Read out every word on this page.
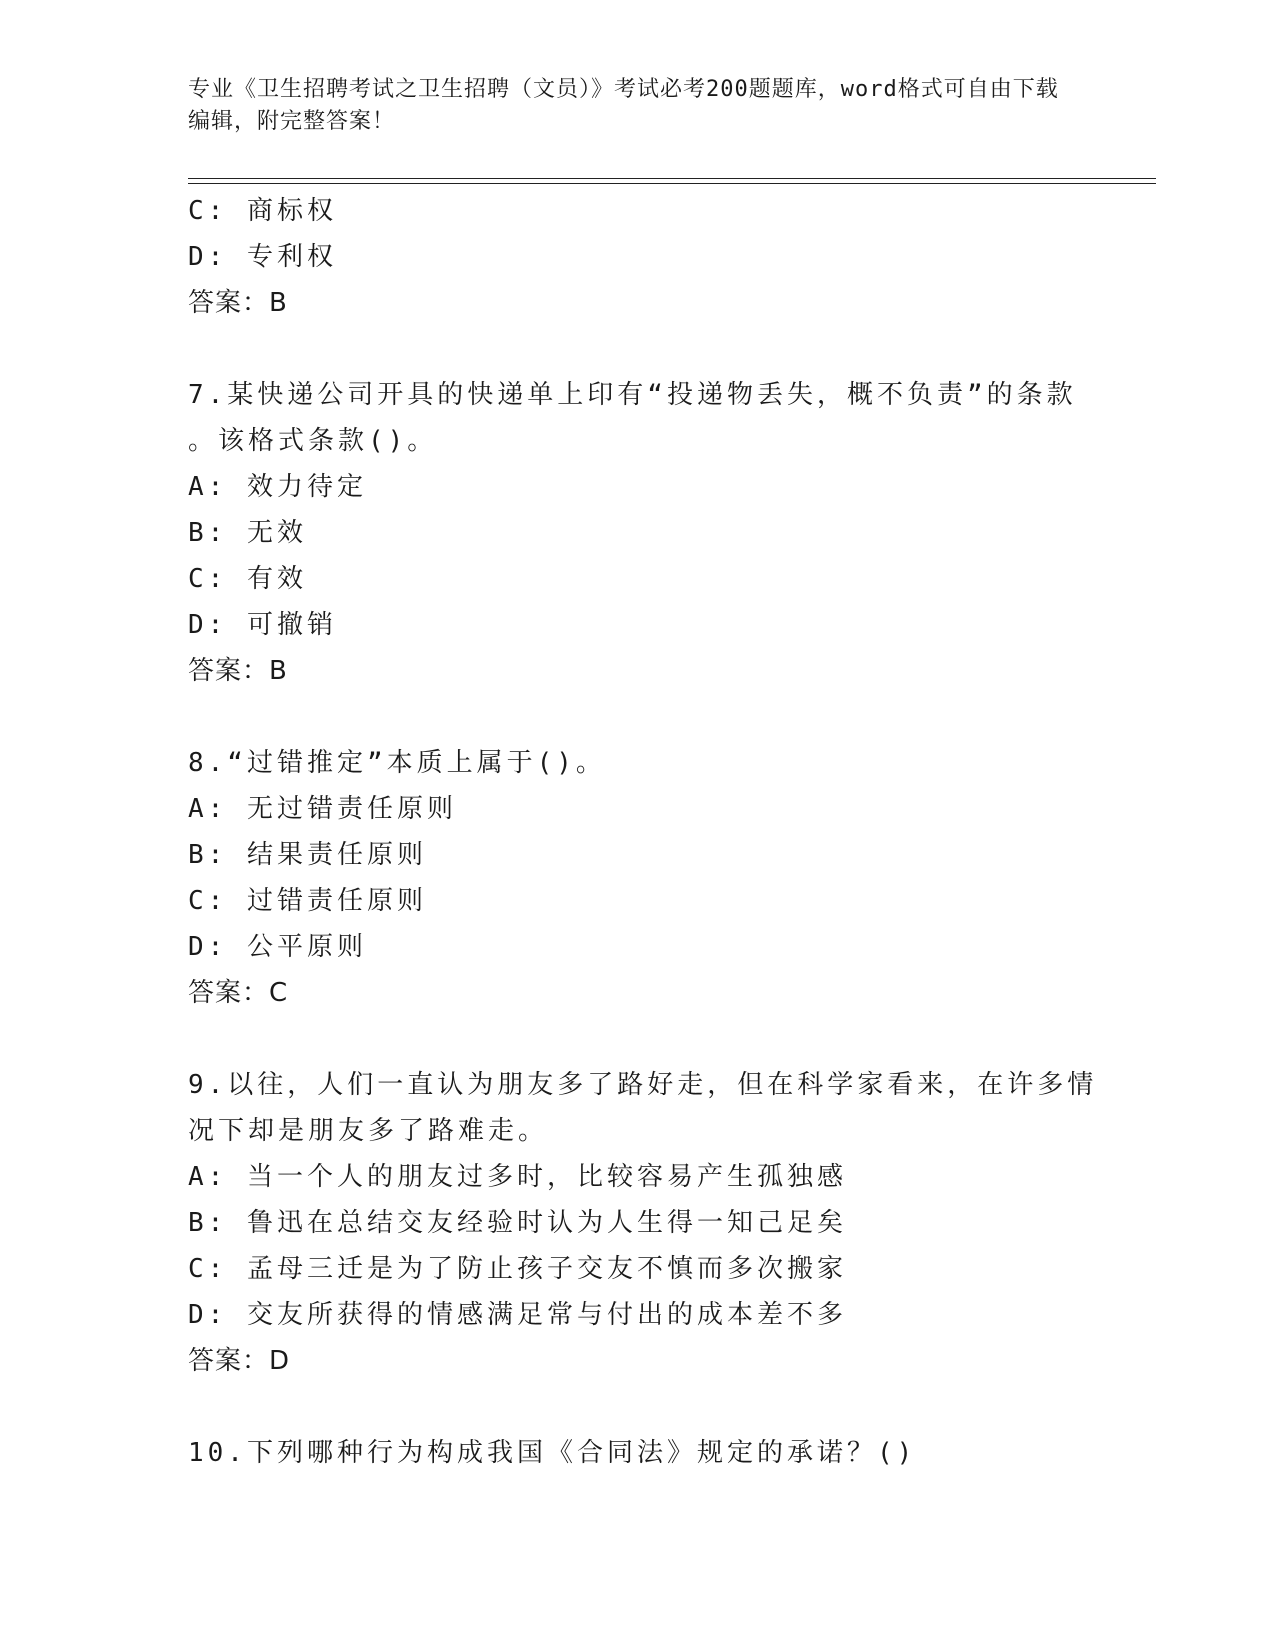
专业《卫生招聘考试之卫生招聘（文员）》考试必考200题题库，word格式可自由下载编辑，附完整答案！
C: 商标权
D: 专利权
答案：B
7.某快递公司开具的快递单上印有“投递物丢失，概不负责”的条款
。该格式条款()。
A: 效力待定
B: 无效
C: 有效
D: 可撤销
答案：B
8.“过错推定”本质上属于()。
A: 无过错责任原则
B: 结果责任原则
C: 过错责任原则
D: 公平原则
答案：C
9.以往，人们一直认为朋友多了路好走，但在科学家看来，在许多情
况下却是朋友多了路难走。
A: 当一个人的朋友过多时，比较容易产生孤独感
B: 鲁迅在总结交友经验时认为人生得一知己足矣
C: 孟母三迁是为了防止孩子交友不慎而多次搬家
D: 交友所获得的情感满足常与付出的成本差不多
答案：D
10.下列哪种行为构成我国《合同法》规定的承诺？()
